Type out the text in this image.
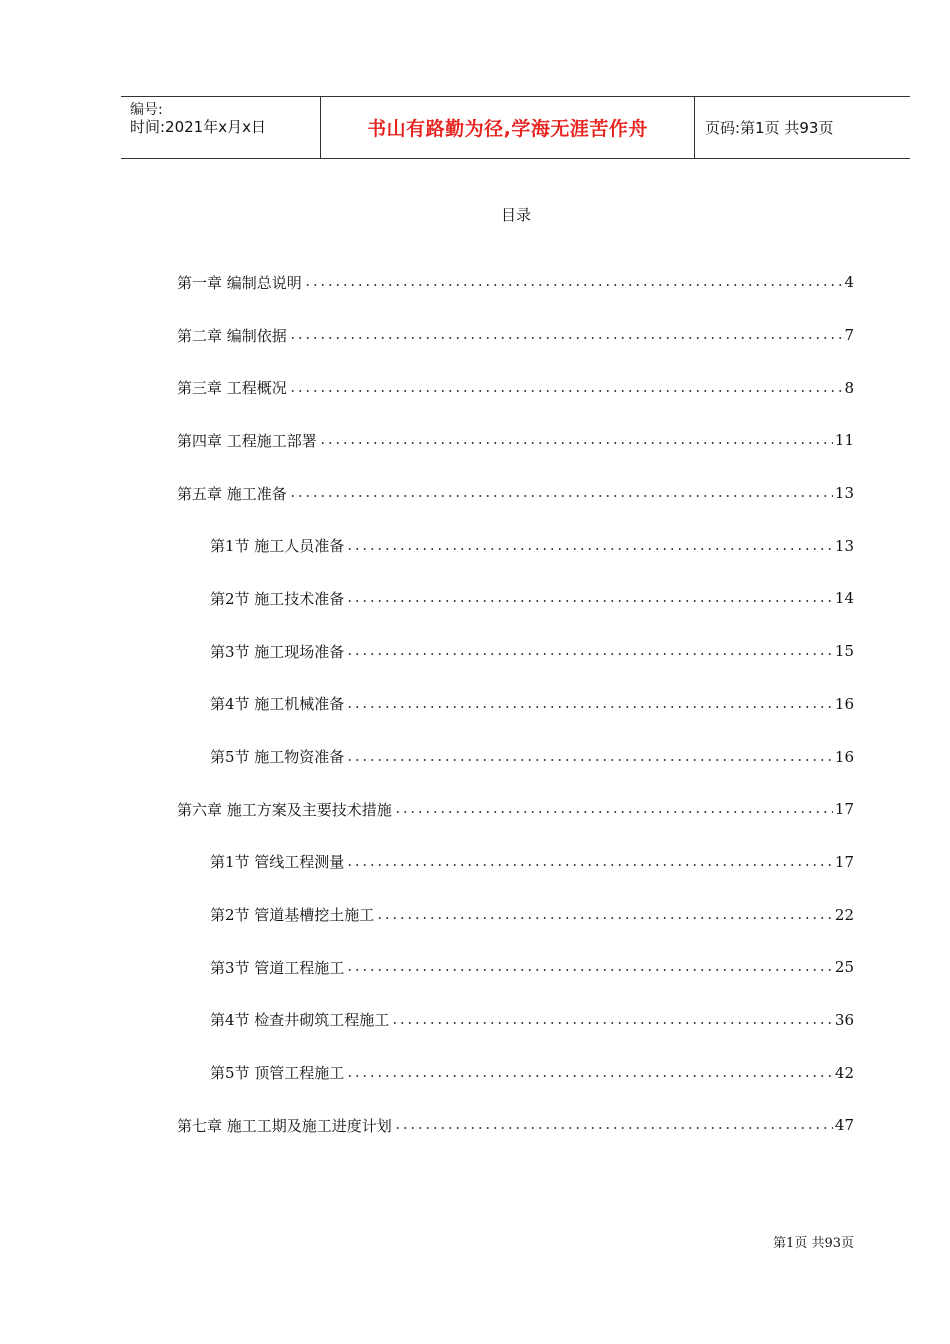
编号:
时间:2021年x月x日	书山有路勤为径,学海无涯苦作舟	页码:第1页 共93页
目录
第一章 编制总说明	4
第二章 编制依据	7
第三章 工程概况	8
第四章 工程施工部署	11
第五章 施工准备	13
第1节 施工人员准备	13
第2节 施工技术准备	14
第3节 施工现场准备	15
第4节 施工机械准备	16
第5节 施工物资准备	16
第六章 施工方案及主要技术措施	17
第1节 管线工程测量	17
第2节 管道基槽挖土施工	22
第3节 管道工程施工	25
第4节 检查井砌筑工程施工	36
第5节 顶管工程施工	42
第七章 施工工期及施工进度计划	47
第1页 共93页
